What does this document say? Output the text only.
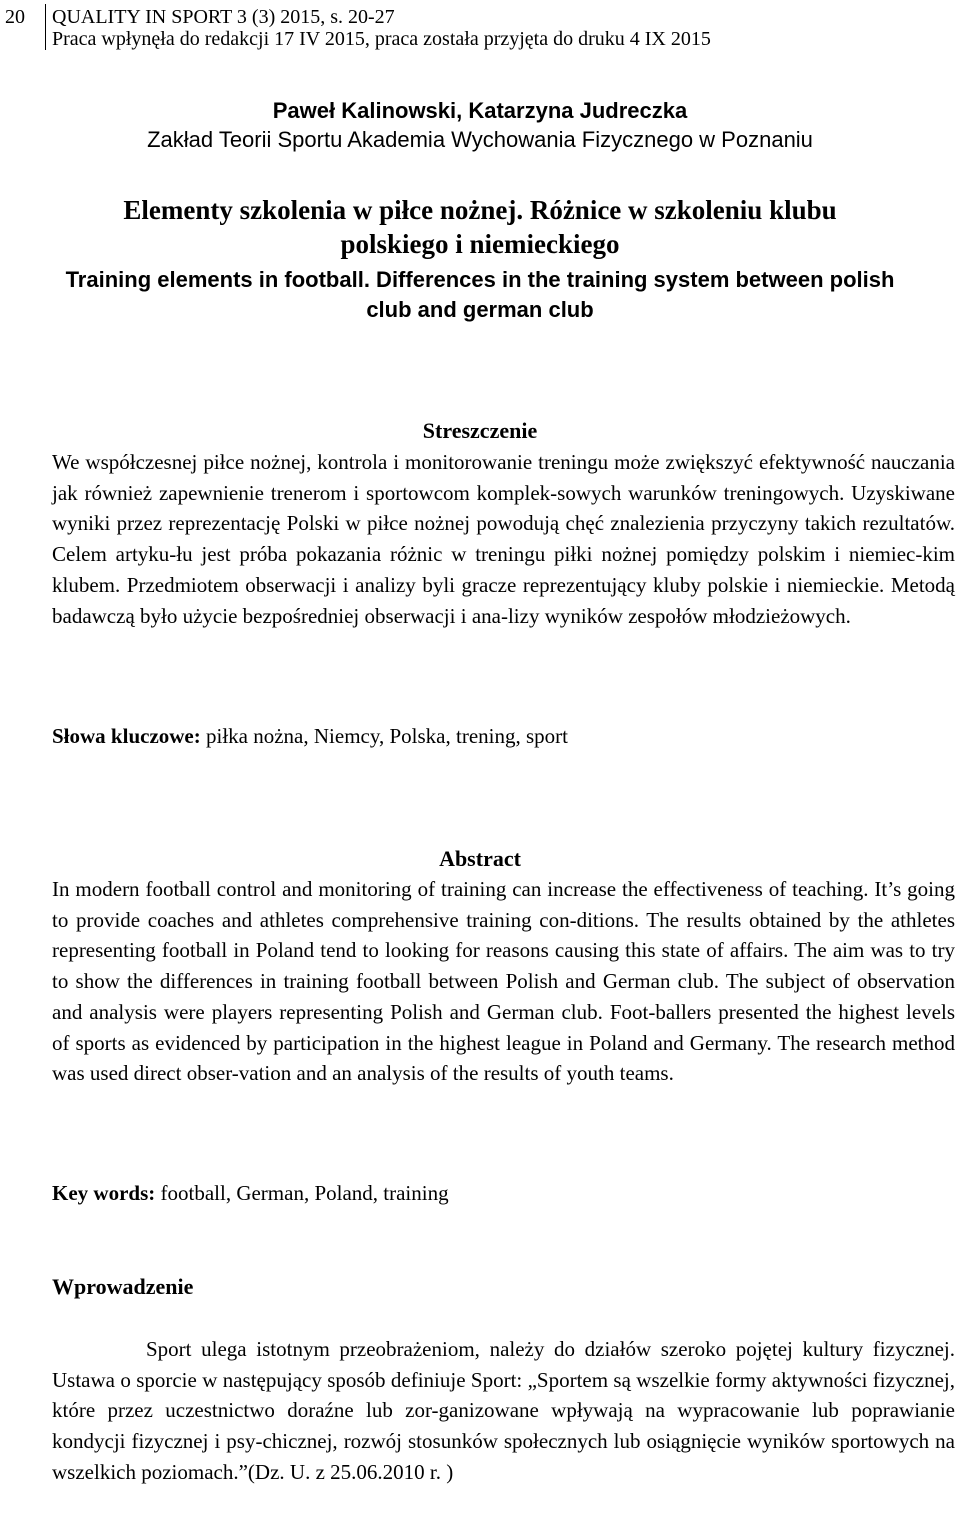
20 QUALITY IN SPORT 3 (3) 2015, s. 20-27
Praca wpłynęła do redakcji 17 IV 2015, praca została przyjęta do druku 4 IX 2015
Paweł Kalinowski, Katarzyna Judreczka
Zakład Teorii Sportu Akademia Wychowania Fizycznego w Poznaniu
Elementy szkolenia w piłce nożnej. Różnice w szkoleniu klubu
polskiego i niemieckiego
Training elements in football. Differences in the training system between polish
club and german club
Streszczenie
We współczesnej piłce nożnej, kontrola i monitorowanie treningu może zwiększyć efektywność nauczania jak również zapewnienie trenerom i sportowcom komplek-sowych warunków treningowych. Uzyskiwane wyniki przez reprezentację Polski w piłce nożnej powodują chęć znalezienia przyczyny takich rezultatów. Celem artyku-łu jest próba pokazania różnic w treningu piłki nożnej pomiędzy polskim i niemiec-kim klubem. Przedmiotem obserwacji i analizy byli gracze reprezentujący kluby polskie i niemieckie. Metodą badawczą było użycie bezpośredniej obserwacji i ana-lizy wyników zespołów młodzieżowych.
Słowa kluczowe: piłka nożna, Niemcy, Polska, trening, sport
Abstract
In modern football control and monitoring of training can increase the effectiveness of teaching. It’s going to provide coaches and athletes comprehensive training con-ditions. The results obtained by the athletes representing football in Poland tend to looking for reasons causing this state of affairs. The aim was to try to show the differences in training football between Polish and German club. The subject of observation and analysis were players representing Polish and German club. Foot-ballers presented the highest levels of sports as evidenced by participation in the highest league in Poland and Germany. The research method was used direct obser-vation and an analysis of the results of youth teams.
Key words: football, German, Poland, training
Wprowadzenie
Sport ulega istotnym przeobrażeniom, należy do działów szeroko pojętej kultury fizycznej. Ustawa o sporcie w następujący sposób definiuje Sport: „Sportem są wszelkie formy aktywności fizycznej, które przez uczestnictwo doraźne lub zor-ganizowane wpływają na wypracowanie lub poprawianie kondycji fizycznej i psy-chicznej, rozwój stosunków społecznych lub osiągnięcie wyników sportowych na wszelkich poziomach.”(Dz. U. z 25.06.2010 r. )
